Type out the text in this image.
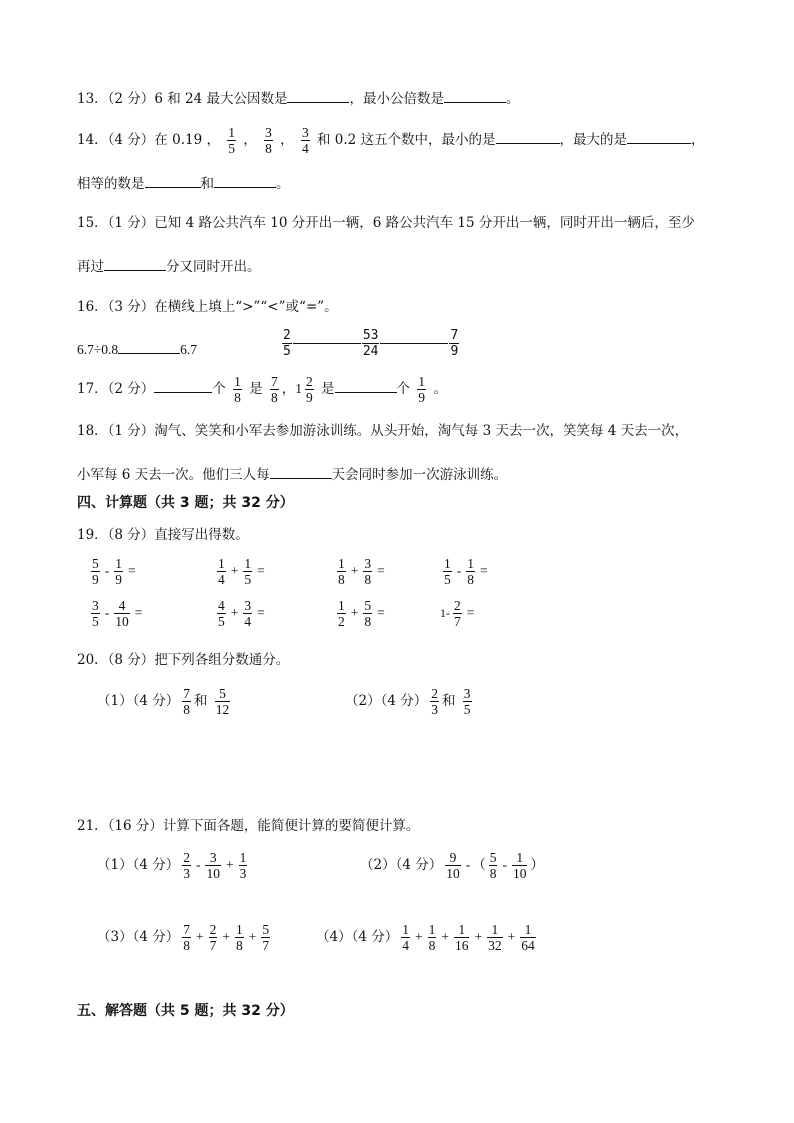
13．（2 分）6 和 24 最大公因数是	，最小公倍数是	。
14．（4 分）在 0.19 ， $\frac{1}{5}$ ， $\frac{3}{8}$ ， $\frac{3}{4}$ 和 0.2 这五个数中，最小的是	，最大的是	，
相等的数是	和	。
15．（1 分）已知 4 路公共汽车 10 分开出一辆，6 路公共汽车 15 分开出一辆，同时开出一辆后，至少
再过	分又同时开出。
16．（3 分）在横线上填上“>”“<”或“=”。
6.7÷0.8	6.7	$\frac{2}{5}$	$\frac{53}{24}$	$\frac{7}{9}$
17．（2 分）	个 $\frac{1}{8}$ 是 $\frac{7}{8}$ ，$1 \frac{2}{9}$ 是	个 $\frac{1}{9}$ 。
18．（1 分）淘气、笑笑和小军去参加游泳训练。从头开始，淘气每 3 天去一次，笑笑每 4 天去一次，
小军每 6 天去一次。他们三人每	天会同时参加一次游泳训练。
四、计算题（共 3 题；共 32 分）
19．（8 分）直接写出得数。
$\frac{5}{9} - \frac{1}{9}$ =	$\frac{1}{4} + \frac{1}{5}$ =	$\frac{1}{8} + \frac{3}{8}$ =	$\frac{1}{5} - \frac{1}{8}$ =
$\frac{3}{5} - \frac{4}{10}$ =	$\frac{4}{5} + \frac{3}{4}$ =	$\frac{1}{2} + \frac{5}{8}$ =	$1- \frac{2}{7}$ =
20．（8 分）把下列各组分数通分。
（1）（4 分） $\frac{7}{8}$ 和 $\frac{5}{12}$	（2）（4 分） $\frac{2}{3}$ 和 $\frac{3}{5}$
21．（16 分）计算下面各题，能简便计算的要简便计算。
（1）（4 分） $\frac{2}{3} - \frac{3}{10} + \frac{1}{3}$	（2）（4 分） $\frac{9}{10}$ - （ $\frac{5}{8} - \frac{1}{10}$ ）
（3）（4 分） $\frac{7}{8} + \frac{2}{7} + \frac{1}{8} + \frac{5}{7}$	（4）（4 分） $\frac{1}{4} + \frac{1}{8} + \frac{1}{16} + \frac{1}{32} + \frac{1}{64}$
五、解答题（共 5 题；共 32 分）
